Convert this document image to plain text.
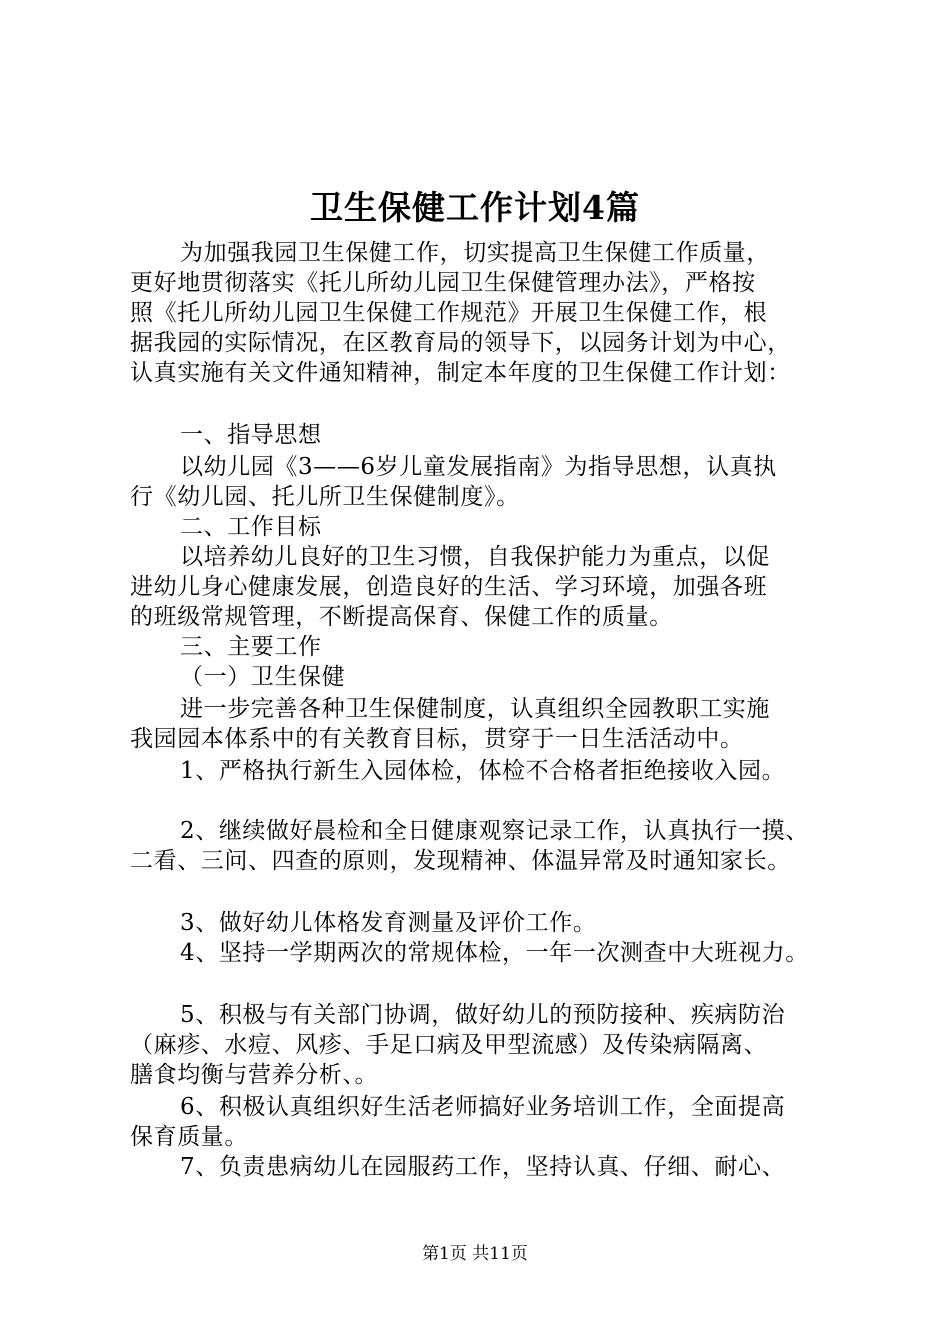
卫生保健工作计划4篇
为加强我园卫生保健工作，切实提高卫生保健工作质量，
更好地贯彻落实《托儿所幼儿园卫生保健管理办法》，严格按
照《托儿所幼儿园卫生保健工作规范》开展卫生保健工作，根
据我园的实际情况，在区教育局的领导下，以园务计划为中心，
认真实施有关文件通知精神，制定本年度的卫生保健工作计划：
一、指导思想
以幼儿园《3——6岁儿童发展指南》为指导思想，认真执
行《幼儿园、托儿所卫生保健制度》。
二、工作目标
以培养幼儿良好的卫生习惯，自我保护能力为重点，以促
进幼儿身心健康发展，创造良好的生活、学习环境，加强各班
的班级常规管理，不断提高保育、保健工作的质量。
三、主要工作
（一）卫生保健
进一步完善各种卫生保健制度，认真组织全园教职工实施
我园园本体系中的有关教育目标，贯穿于一日生活活动中。
1、严格执行新生入园体检，体检不合格者拒绝接收入园。
2、继续做好晨检和全日健康观察记录工作，认真执行一摸、
二看、三问、四查的原则，发现精神、体温异常及时通知家长。
3、做好幼儿体格发育测量及评价工作。
4、坚持一学期两次的常规体检，一年一次测查中大班视力。
5、积极与有关部门协调，做好幼儿的预防接种、疾病防治
（麻疹、水痘、风疹、手足口病及甲型流感）及传染病隔离、
膳食均衡与营养分析、。
6、积极认真组织好生活老师搞好业务培训工作，全面提高
保育质量。
7、负责患病幼儿在园服药工作，坚持认真、仔细、耐心、
第1页 共11页
